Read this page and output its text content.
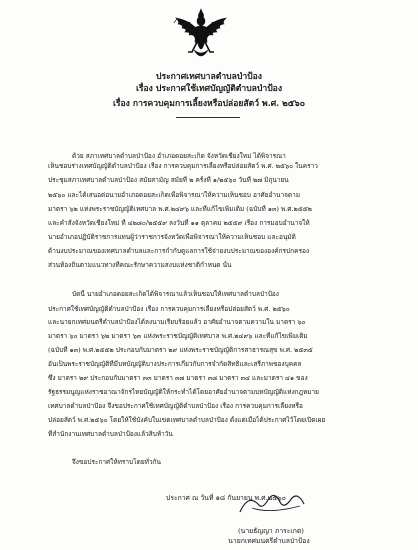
ประกาศเทศบาลตำบลป่าป้อง
เรื่อง ประกาศใช้เทศบัญญัติตำบลป่าป้อง
เรื่อง การควบคุมการเลี้ยงหรือปล่อยสัตว์ พ.ศ. ๒๕๖๐
ด้วย สภาเทศบาลตำบลป่าป้อง อำเภอดอยสะเก็ด จังหวัดเชียงใหม่ ได้พิจารณา
เห็นชอบร่างเทศบัญญัติตำบลป่าป้อง เรื่อง การควบคุมการเลี้ยงหรือปล่อยสัตว์ พ.ศ. ๒๕๖๐ ในคราว
ประชุมสภาเทศบาลตำบลป่าป้อง สมัยสามัญ สมัยที่ ๒ ครั้งที่ ๑/๒๕๖๐ วันที่ ๒๗ มิถุนายน
๒๕๖๐ และได้เสนอต่อนายอำเภอดอยสะเก็ดเพื่อพิจารณาให้ความเห็นชอบ อาศัยอำนาจตาม
มาตรา ๖๒ แห่งพระราชบัญญัติเทศบาล พ.ศ.๒๔๙๖ และที่แก้ไขเพิ่มเติม (ฉบับที่ ๑๓) พ.ศ.๒๕๕๒
และคำสั่งจังหวัดเชียงใหม่ ที่ ๔๒๘๐/๒๕๕๙ ลงวันที่ ๑๑ ตุลาคม ๒๕๕๙ เรื่อง การมอบอำนาจให้
นายอำเภอปฏิบัติราชการแทนผู้ว่าราชการจังหวัดเพื่อพิจารณาให้ความเห็นชอบ และอนุมัติ
ด้านงบประมาณของเทศบาลตำบลและการกำกับดูแลการใช้จ่ายงบประมาณขององค์กรปกครอง
ส่วนท้องถิ่นตามแนวทางที่คณะรักษาความสงบแห่งชาติกำหนด นั้น
บัดนี้ นายอำเภอดอยสะเก็ดได้พิจารณาแล้วเห็นชอบให้เทศบาลตำบลป่าป้อง
ประกาศใช้เทศบัญญัติตำบลป่าป้อง เรื่อง การควบคุมการเลี้ยงหรือปล่อยสัตว์ พ.ศ. ๒๕๖๐
และนายกเทศมนตรีตำบลป่าป้องได้ลงนามเรียบร้อยแล้ว อาศัยอำนาจตามความใน มาตรา ๖๐
มาตรา ๖๐ มาตรา ๖๒ มาตรา ๖๓ แห่งพระราชบัญญัติเทศบาล พ.ศ.๒๔๙๖ และที่แก้ไขเพิ่มเติม
(ฉบับที่ ๑๓) พ.ศ.๒๕๕๒ ประกอบกับมาตรา ๒๙ แห่งพระราชบัญญัติการสาธารณสุข พ.ศ. ๒๕๓๕
อันเป็นพระราชบัญญัติที่มีบทบัญญัติบางประการเกี่ยวกับการจำกัดสิทธิและเสรีภาพของบุคคล
ซึ่ง มาตรา ๒๙ ประกอบกับมาตรา ๓๓ มาตรา ๓๗ มาตรา ๓๘ มาตรา ๓๔ และมาตรา ๔๑ ของ
รัฐธรรมนูญแห่งราชอาณาจักรไทยบัญญัติให้กระทำได้โดยอาศัยอำนาจตามบทบัญญัติแห่งกฎหมาย
เทศบาลตำบลป่าป้อง จึงขอประกาศใช้เทศบัญญัติตำบลป่าป้อง เรื่อง การควบคุมการเลี้ยงหรือ
ปล่อยสัตว์ พ.ศ.๒๕๖๐ โดยให้ใช้บังคับในเขตเทศบาลตำบลป่าป้อง ตั้งแต่เมื่อได้ประกาศไว้โดยเปิดเผย
ที่สำนักงานเทศบาลตำบลป่าป้องแล้วสิบห้าวัน
จึงขอประกาศให้ทราบโดยทั่วกัน
ประกาศ ณ วันที่ ๑๘ กันยายน พ.ศ.๒๕๖๐
(นายธัญญา ภาระเกต)
นายกเทศมนตรีตำบลป่าป้อง
